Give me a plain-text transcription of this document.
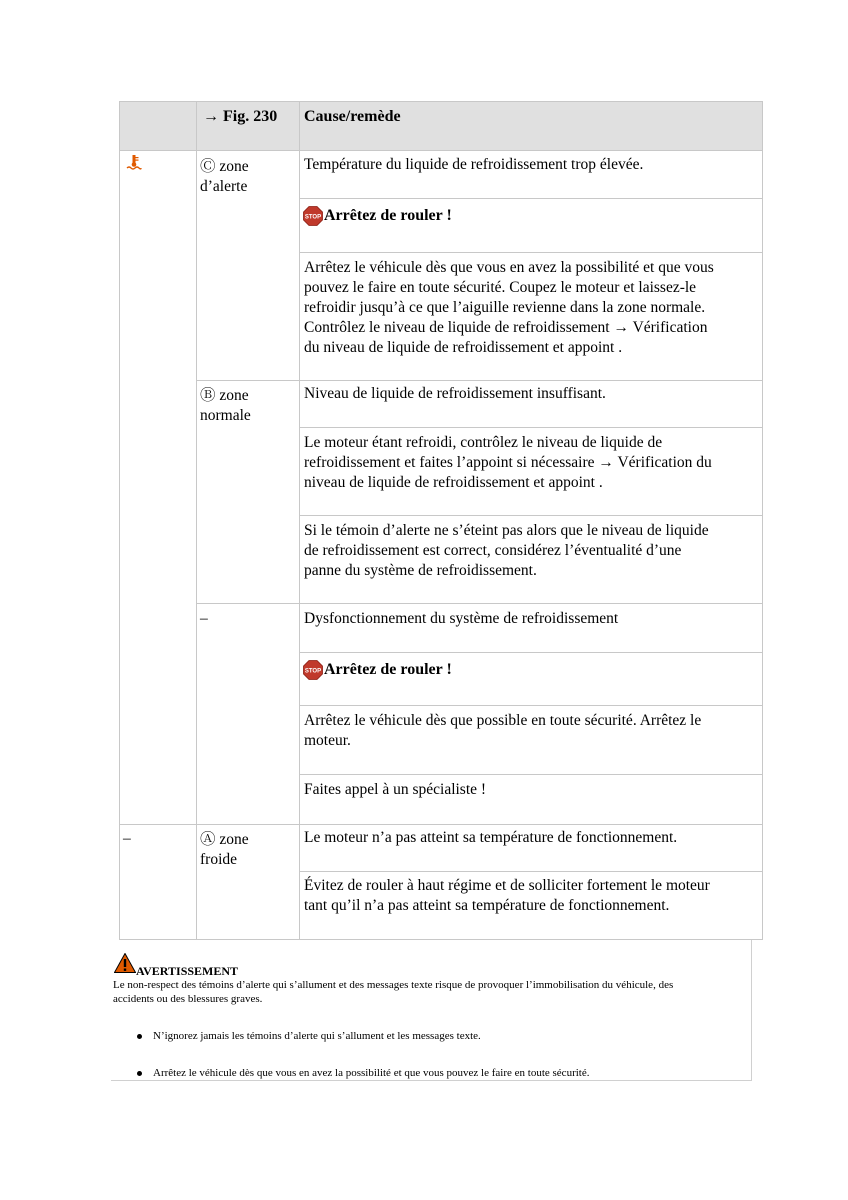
→ Fig. 230 Cause/remède
Ⓒ zone
d’alerte
Température du liquide de refroidissement trop élevée.
STOP Arrêtez de rouler !
Arrêtez le véhicule dès que vous en avez la possibilité et que vous
pouvez le faire en toute sécurité. Coupez le moteur et laissez-le
refroidir jusqu’à ce que l’aiguille revienne dans la zone normale.
Contrôlez le niveau de liquide de refroidissement → Vérification
du niveau de liquide de refroidissement et appoint .
Ⓑ zone
normale
Niveau de liquide de refroidissement insuffisant.
Le moteur étant refroidi, contrôlez le niveau de liquide de
refroidissement et faites l’appoint si nécessaire → Vérification du
niveau de liquide de refroidissement et appoint .
Si le témoin d’alerte ne s’éteint pas alors que le niveau de liquide
de refroidissement est correct, considérez l’éventualité d’une
panne du système de refroidissement.
–	Dysfonctionnement du système de refroidissement
STOP Arrêtez de rouler !
Arrêtez le véhicule dès que possible en toute sécurité. Arrêtez le
moteur.
Faites appel à un spécialiste !
–	Ⓐ zone
froide
Le moteur n’a pas atteint sa température de fonctionnement.
Évitez de rouler à haut régime et de solliciter fortement le moteur
tant qu’il n’a pas atteint sa température de fonctionnement.
AVERTISSEMENT
Le non-respect des témoins d’alerte qui s’allument et des messages texte risque de provoquer l’immobilisation du véhicule, des
accidents ou des blessures graves.
N’ignorez jamais les témoins d’alerte qui s’allument et les messages texte.
Arrêtez le véhicule dès que vous en avez la possibilité et que vous pouvez le faire en toute sécurité.
